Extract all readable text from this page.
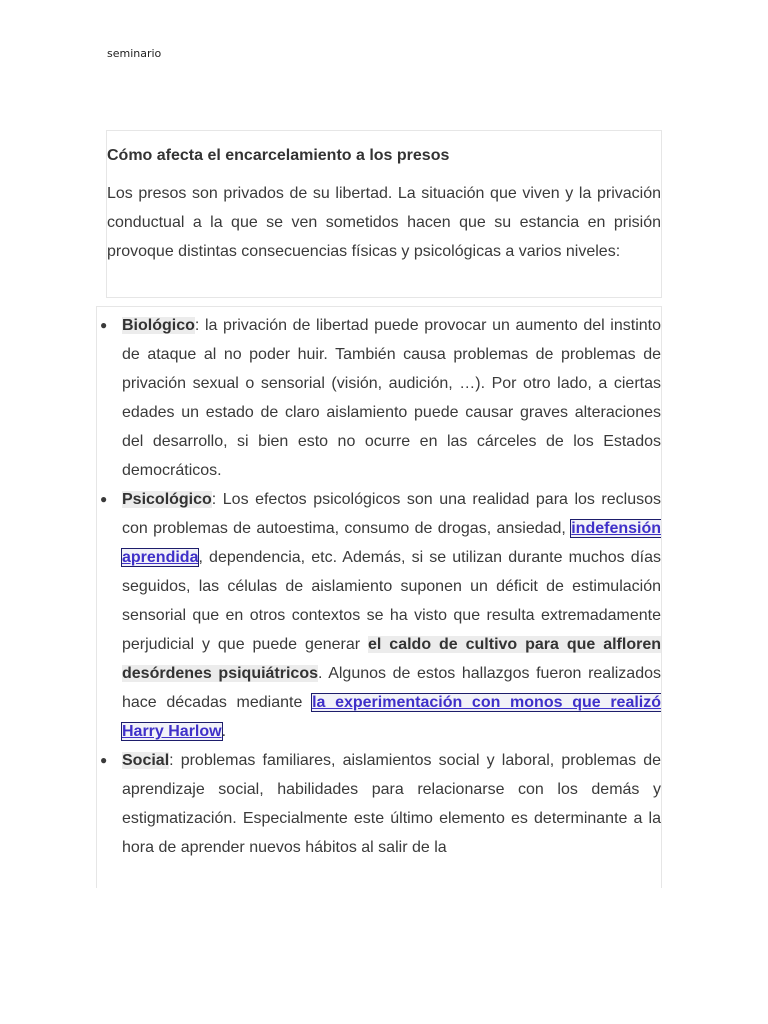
seminario
Cómo afecta el encarcelamiento a los presos

Los presos son privados de su libertad. La situación que viven y la privación conductual a la que se ven sometidos hacen que su estancia en prisión provoque distintas consecuencias físicas y psicológicas a varios niveles:

● Biológico: la privación de libertad puede provocar un aumento del instinto de ataque al no poder huir. También causa problemas de problemas de privación sexual o sensorial (visión, audición, …). Por otro lado, a ciertas edades un estado de claro aislamiento puede causar graves alteraciones del desarrollo, si bien esto no ocurre en las cárceles de los Estados democráticos.
● Psicológico: Los efectos psicológicos son una realidad para los reclusos con problemas de autoestima, consumo de drogas, ansiedad, indefensión aprendida, dependencia, etc. Además, si se utilizan durante muchos días seguidos, las células de aislamiento suponen un déficit de estimulación sensorial que en otros contextos se ha visto que resulta extremadamente perjudicial y que puede generar el caldo de cultivo para que alfloren desórdenes psiquiátricos. Algunos de estos hallazgos fueron realizados hace décadas mediante la experimentación con monos que realizó Harry Harlow.
● Social: problemas familiares, aislamientos social y laboral, problemas de aprendizaje social, habilidades para relacionarse con los demás y estigmatización. Especialmente este último elemento es determinante a la hora de aprender nuevos hábitos al salir de la
